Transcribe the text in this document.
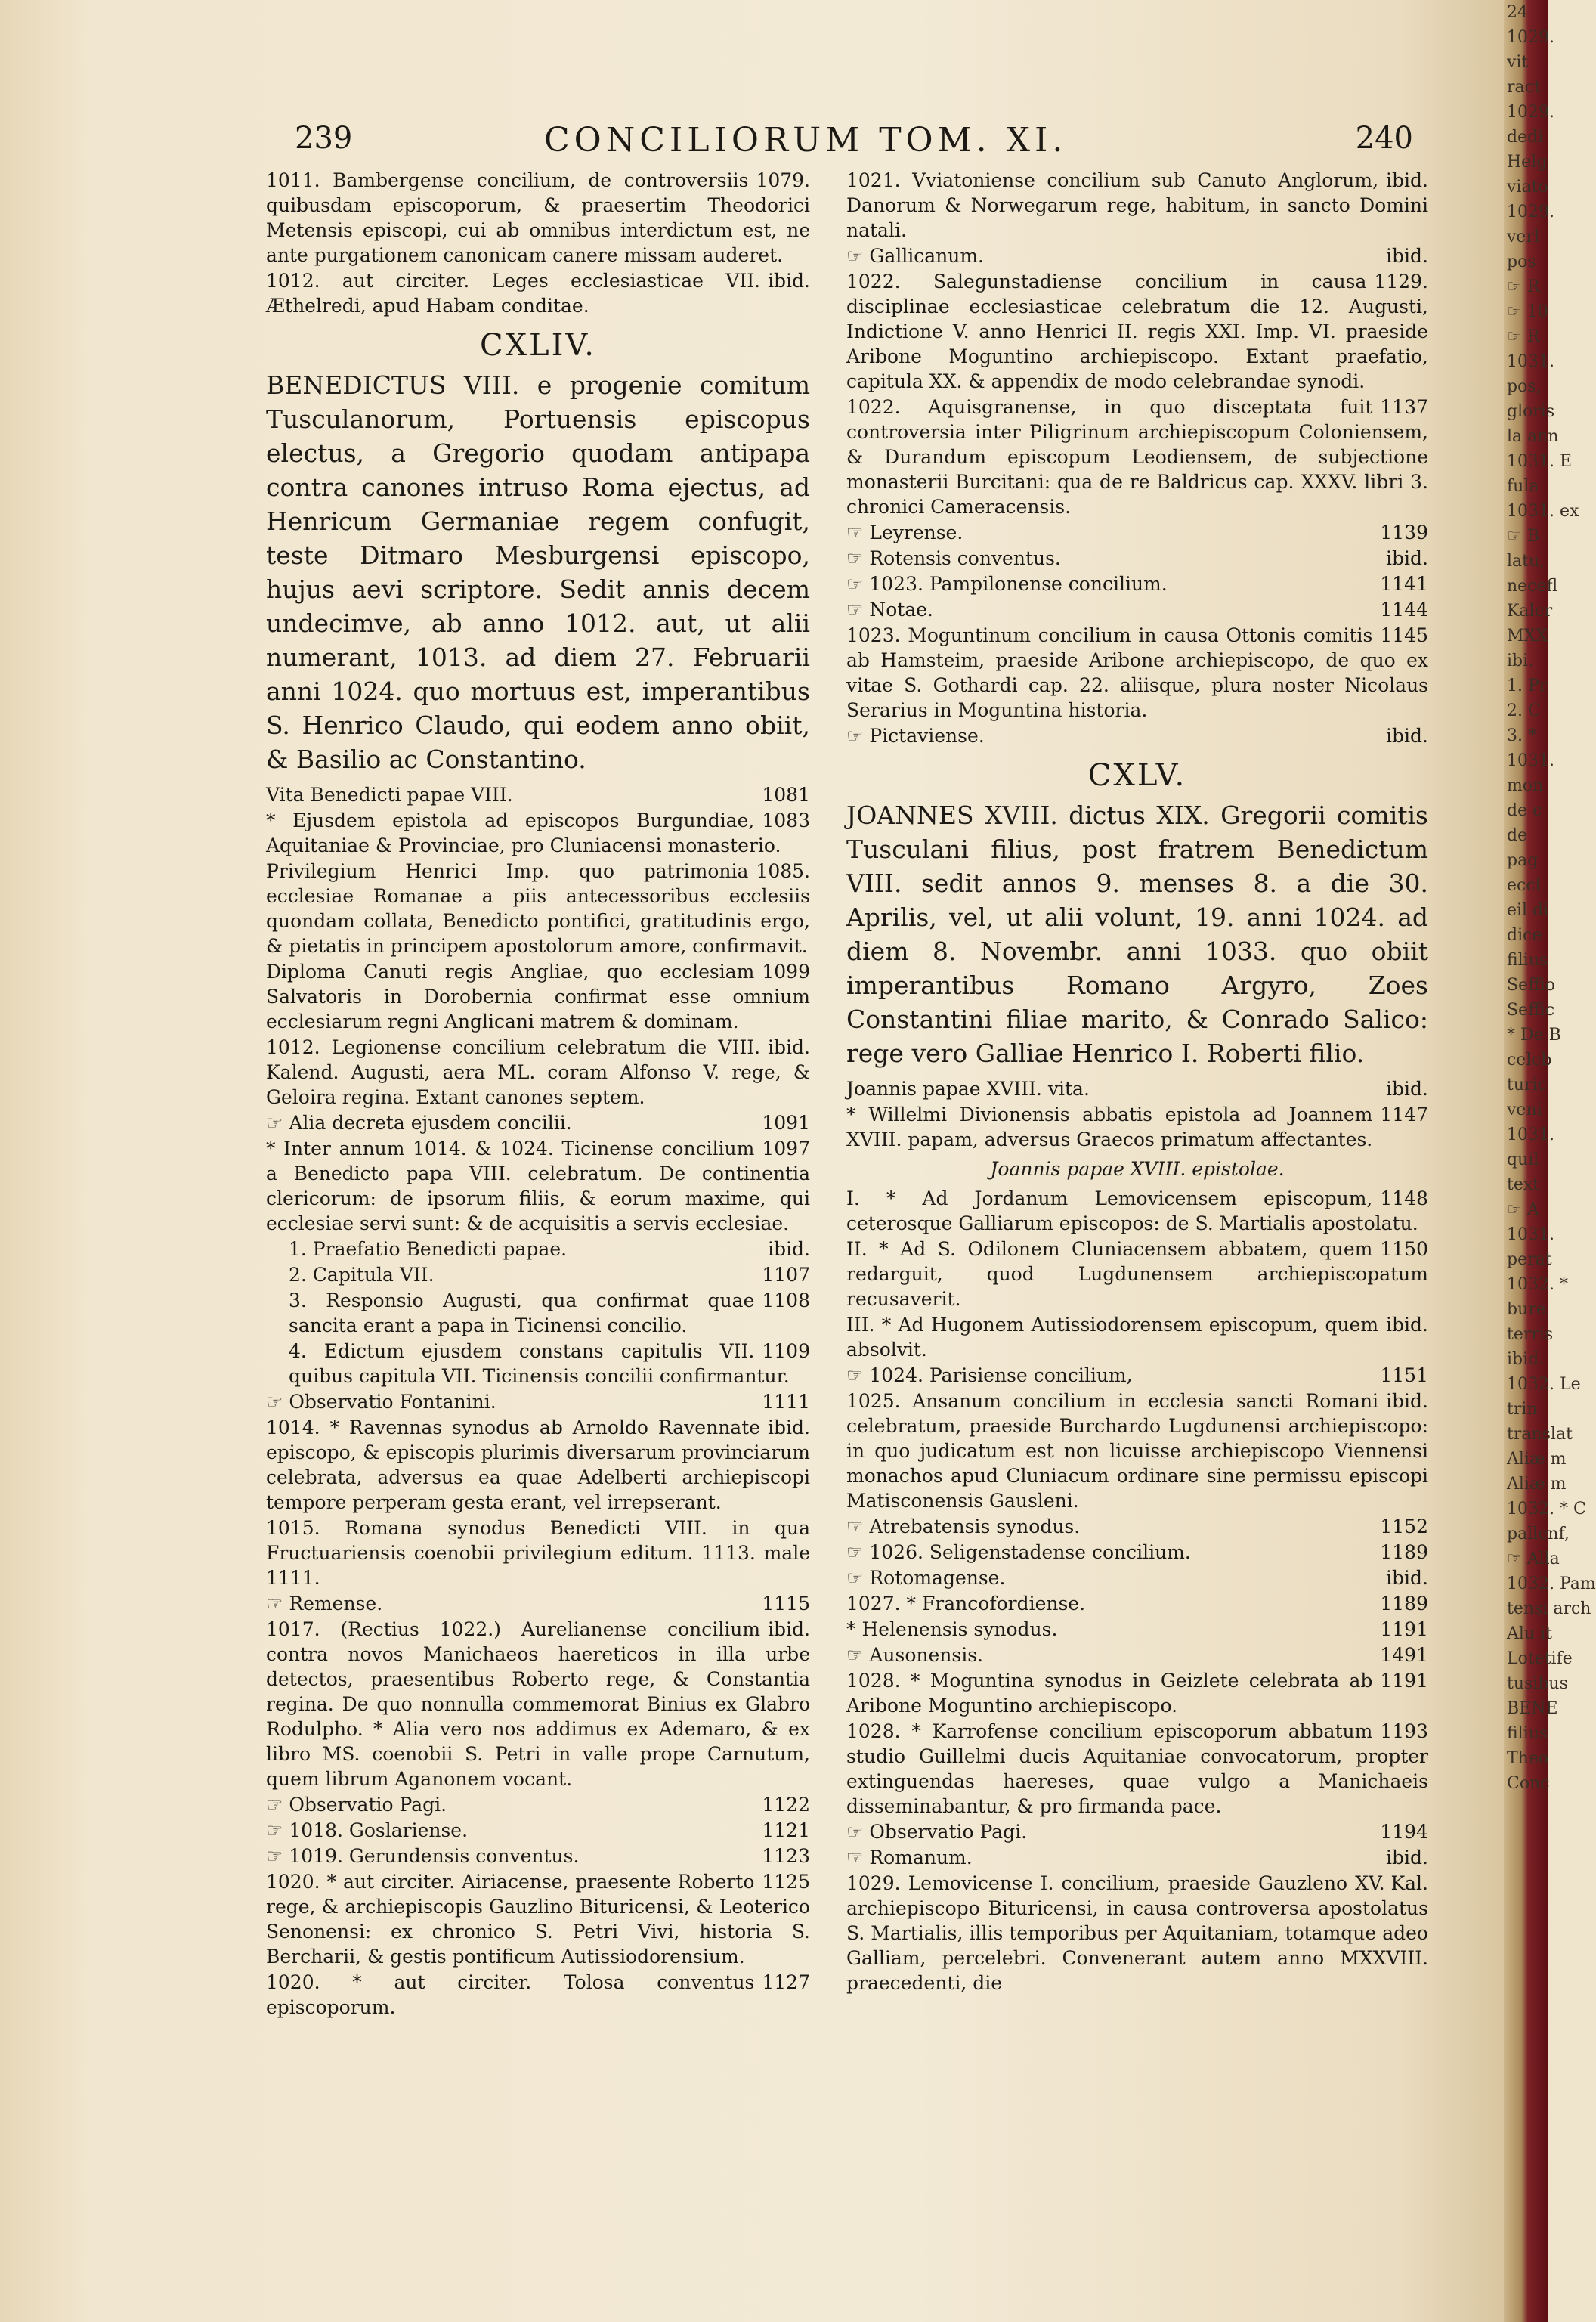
239	CONCILIORUM TOM. XI.	240
1079.
1011. Bambergense concilium, de controversiis quibusdam episcoporum, & praesertim Theodorici Metensis episcopi, cui ab omnibus interdictum est, ne ante purgationem canonicam canere missam auderet.
ibid.
1012. aut circiter. Leges ecclesiasticae VII. Æthelredi, apud Habam conditae.
CXLIV.
BENEDICTUS VIII. e progenie comitum Tusculanorum, Portuensis episcopus electus, a Gregorio quodam antipapa contra canones intruso Roma ejectus, ad Henricum Germaniae regem confugit, teste Ditmaro Mesburgensi episcopo, hujus aevi scriptore. Sedit annis decem undecimve, ab anno 1012. aut, ut alii numerant, 1013. ad diem 27. Februarii anni 1024. quo mortuus est, imperantibus S. Henrico Claudo, qui eodem anno obiit, & Basilio ac Constantino.
1081
Vita Benedicti papae VIII.
1083
* Ejusdem epistola ad episcopos Burgundiae, Aquitaniae & Provinciae, pro Cluniacensi monasterio.
1085.
Privilegium Henrici Imp. quo patrimonia ecclesiae Romanae a piis antecessoribus ecclesiis quondam collata, Benedicto pontifici, gratitudinis ergo, & pietatis in principem apostolorum amore, confirmavit.
1099
Diploma Canuti regis Angliae, quo ecclesiam Salvatoris in Dorobernia confirmat esse omnium ecclesiarum regni Anglicani matrem & dominam.
ibid.
1012. Legionense concilium celebratum die VIII. Kalend. Augusti, aera ML. coram Alfonso V. rege, & Geloira regina. Extant canones septem.
1091
☞ Alia decreta ejusdem concilii.
1097
* Inter annum 1014. & 1024. Ticinense concilium a Benedicto papa VIII. celebratum. De continentia clericorum: de ipsorum filiis, & eorum maxime, qui ecclesiae servi sunt: & de acquisitis a servis ecclesiae.
ibid.
1. Praefatio Benedicti papae.
1107
2. Capitula VII.
1108
3. Responsio Augusti, qua confirmat quae sancita erant a papa in Ticinensi concilio.
1109
4. Edictum ejusdem constans capitulis VII. quibus capitula VII. Ticinensis concilii confirmantur.
1111
☞ Observatio Fontanini.
ibid.
1014. * Ravennas synodus ab Arnoldo Ravennate episcopo, & episcopis plurimis diversarum provinciarum celebrata, adversus ea quae Adelberti archiepiscopi tempore perperam gesta erant, vel irrepserant.
1015. Romana synodus Benedicti VIII. in qua Fructuariensis coenobii privilegium editum. 1113. male 1111.
1115
☞ Remense.
ibid.
1017. (Rectius 1022.) Aurelianense concilium contra novos Manichaeos haereticos in illa urbe detectos, praesentibus Roberto rege, & Constantia regina. De quo nonnulla commemorat Binius ex Glabro Rodulpho. * Alia vero nos addimus ex Ademaro, & ex libro MS. coenobii S. Petri in valle prope Carnutum, quem librum Aganonem vocant.
1122
☞ Observatio Pagi.
1121
☞ 1018. Goslariense.
1123
☞ 1019. Gerundensis conventus.
1125
1020. * aut circiter. Airiacense, praesente Roberto rege, & archiepiscopis Gauzlino Bituricensi, & Leoterico Senonensi: ex chronico S. Petri Vivi, historia S. Bercharii, & gestis pontificum Autissiodorensium.
1127
1020. * aut circiter. Tolosa conventus episcoporum.
ibid.
1021. Vviatoniense concilium sub Canuto Anglorum, Danorum & Norwegarum rege, habitum, in sancto Domini natali.
ibid.
☞ Gallicanum.
1129.
1022. Salegunstadiense concilium in causa disciplinae ecclesiasticae celebratum die 12. Augusti, Indictione V. anno Henrici II. regis XXI. Imp. VI. praeside Aribone Moguntino archiepiscopo. Extant praefatio, capitula XX. & appendix de modo celebrandae synodi.
1137
1022. Aquisgranense, in quo disceptata fuit controversia inter Piligrinum archiepiscopum Coloniensem, & Durandum episcopum Leodiensem, de subjectione monasterii Burcitani: qua de re Baldricus cap. XXXV. libri 3. chronici Cameracensis.
1139
☞ Leyrense.
ibid.
☞ Rotensis conventus.
1141
☞ 1023. Pampilonense concilium.
1144
☞ Notae.
1145
1023. Moguntinum concilium in causa Ottonis comitis ab Hamsteim, praeside Aribone archiepiscopo, de quo ex vitae S. Gothardi cap. 22. aliisque, plura noster Nicolaus Serarius in Moguntina historia.
ibid.
☞ Pictaviense.
CXLV.
JOANNES XVIII. dictus XIX. Gregorii comitis Tusculani filius, post fratrem Benedictum VIII. sedit annos 9. menses 8. a die 30. Aprilis, vel, ut alii volunt, 19. anni 1024. ad diem 8. Novembr. anni 1033. quo obiit imperantibus Romano Argyro, Zoes Constantini filiae marito, & Conrado Salico: rege vero Galliae Henrico I. Roberti filio.
ibid.
Joannis papae XVIII. vita.
1147
* Willelmi Divionensis abbatis epistola ad Joannem XVIII. papam, adversus Graecos primatum affectantes.
Joannis papae XVIII. epistolae.
1148
I. * Ad Jordanum Lemovicensem episcopum, ceterosque Galliarum episcopos: de S. Martialis apostolatu.
1150
II. * Ad S. Odilonem Cluniacensem abbatem, quem redarguit, quod Lugdunensem archiepiscopatum recusaverit.
ibid.
III. * Ad Hugonem Autissiodorensem episcopum, quem absolvit.
1151
☞ 1024. Parisiense concilium,
ibid.
1025. Ansanum concilium in ecclesia sancti Romani celebratum, praeside Burchardo Lugdunensi archiepiscopo: in quo judicatum est non licuisse archiepiscopo Viennensi monachos apud Cluniacum ordinare sine permissu episcopi Matisconensis Gausleni.
1152
☞ Atrebatensis synodus.
1189
☞ 1026. Seligenstadense concilium.
ibid.
☞ Rotomagense.
1189
1027. * Francofordiense.
1191
* Helenensis synodus.
1491
☞ Ausonensis.
1191
1028. * Moguntina synodus in Geizlete celebrata ab Aribone Moguntino archiepiscopo.
1193
1028. * Karrofense concilium episcoporum abbatum studio Guillelmi ducis Aquitaniae convocatorum, propter extinguendas haereses, quae vulgo a Manichaeis disseminabantur, & pro firmanda pace.
1194
☞ Observatio Pagi.
ibid.
☞ Romanum.
XV. Kal.
1029. Lemovicense I. concilium, praeside Gauzleno archiepiscopo Bituricensi, in causa controversa apostolatus S. Martialis, illis temporibus per Aquitaniam, totamque adeo Galliam, percelebri. Convenerant autem anno MXXVIII. praecedenti, die
24
1029.
vit
ract
1029.
dedi
Helg
viato
1029.
verl
pos
☞ R
☞ 10
☞ R
1031.
pos,
gloris
la ann
1031. E
fula
1031. ex
☞ B
latu,
necefl
Kaler
MXX
ibi.
1. Pr
2. C
3. *
1031.
mon
de c
de
pag
eccl
eil di
dice
filius
Seffio
Seffic
* De B
celeb
turic
veni
1031.
quil
text
☞ A
1031.
perat
1032. *
bure
terris
ibid.
1032. Le
trin
translat
Aliæ m
Aliæ m
1032. * C
pallenf,
☞ Alla
1032. Pam
tensi arch
Alu it
Lotetife
tusibus
BENE
filius
Theo
Conc
